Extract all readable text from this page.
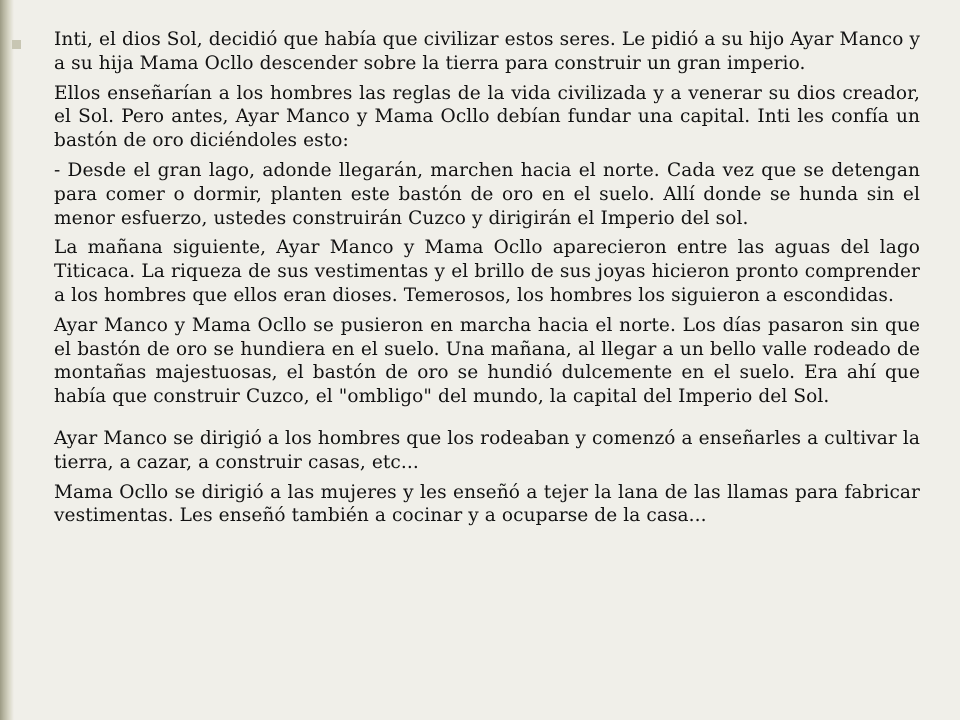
Inti, el dios Sol, decidió que había que civilizar estos seres. Le pidió a su hijo Ayar Manco y a su hija Mama Ocllo descender sobre la tierra para construir un gran imperio.

Ellos enseñarían a los hombres las reglas de la vida civilizada y a venerar su dios creador, el Sol. Pero antes, Ayar Manco y Mama Ocllo debían fundar una capital. Inti les confía un bastón de oro diciéndoles esto:

- Desde el gran lago, adonde llegarán, marchen hacia el norte. Cada vez que se detengan para comer o dormir, planten este bastón de oro en el suelo. Allí donde se hunda sin el menor esfuerzo, ustedes construirán Cuzco y dirigirán el Imperio del sol.

La mañana siguiente, Ayar Manco y Mama Ocllo aparecieron entre las aguas del lago Titicaca. La riqueza de sus vestimentas y el brillo de sus joyas hicieron pronto comprender a los hombres que ellos eran dioses. Temerosos, los hombres los siguieron a escondidas.

Ayar Manco y Mama Ocllo se pusieron en marcha hacia el norte. Los días pasaron sin que el bastón de oro se hundiera en el suelo. Una mañana, al llegar a un bello valle rodeado de montañas majestuosas, el bastón de oro se hundió dulcemente en el suelo. Era ahí que había que construir Cuzco, el "ombligo" del mundo, la capital del Imperio del Sol.

Ayar Manco se dirigió a los hombres que los rodeaban y comenzó a enseñarles a cultivar la tierra, a cazar, a construir casas, etc...

Mama Ocllo se dirigió a las mujeres y les enseñó a tejer la lana de las llamas para fabricar vestimentas. Les enseñó también a cocinar y a ocuparse de la casa...
